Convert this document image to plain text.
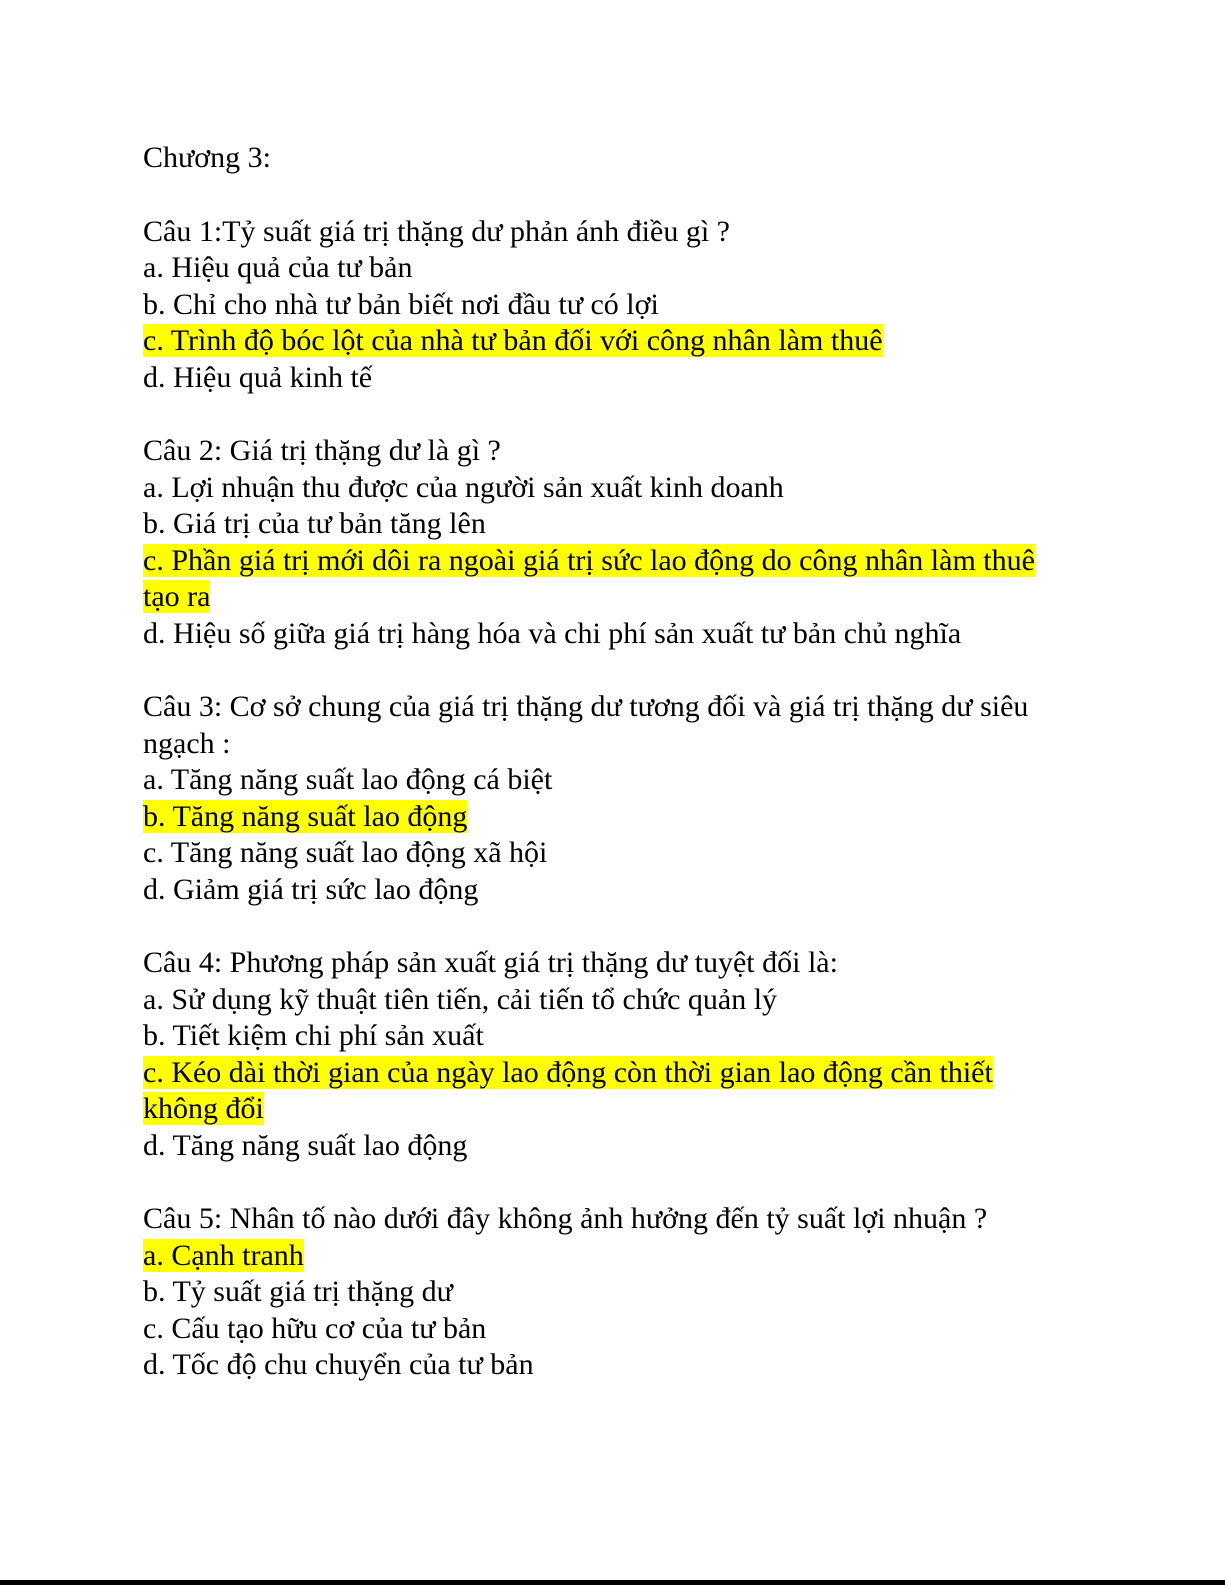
Chương 3:

Câu 1:Tỷ suất giá trị thặng dư phản ánh điều gì ?

a. Hiệu quả của tư bản

b. Chỉ cho nhà tư bản biết nơi đầu tư có lợi

c. Trình độ bóc lột của nhà tư bản đối với công nhân làm thuê

d. Hiệu quả kinh tế

Câu 2: Giá trị thặng dư là gì ?

a. Lợi nhuận thu được của người sản xuất kinh doanh

b. Giá trị của tư bản tăng lên

c. Phần giá trị mới dôi ra ngoài giá trị sức lao động do công nhân làm thuê tạo ra

d. Hiệu số giữa giá trị hàng hóa và chi phí sản xuất tư bản chủ nghĩa

Câu 3: Cơ sở chung của giá trị thặng dư tương đối và giá trị thặng dư siêu ngạch :

a. Tăng năng suất lao động cá biệt

b. Tăng năng suất lao động

c. Tăng năng suất lao động xã hội

d. Giảm giá trị sức lao động

Câu 4: Phương pháp sản xuất giá trị thặng dư tuyệt đối là:

a. Sử dụng kỹ thuật tiên tiến, cải tiến tổ chức quản lý

b. Tiết kiệm chi phí sản xuất

c. Kéo dài thời gian của ngày lao động còn thời gian lao động cần thiết không đổi

d. Tăng năng suất lao động

Câu 5: Nhân tố nào dưới đây không ảnh hưởng đến tỷ suất lợi nhuận ?

a. Cạnh tranh

b. Tỷ suất giá trị thặng dư

c. Cấu tạo hữu cơ của tư bản

d. Tốc độ chu chuyển của tư bản
